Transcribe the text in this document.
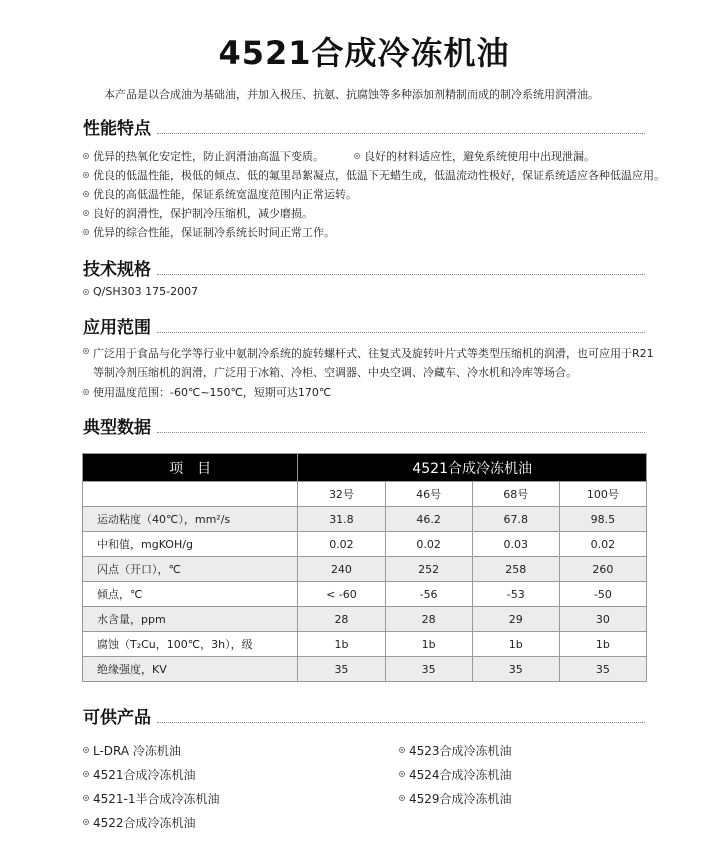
4521合成冷冻机油
本产品是以合成油为基础油，并加入极压、抗氨、抗腐蚀等多种添加剂精制而成的制冷系统用润滑油。
性能特点
优异的热氧化安定性，防止润滑油高温下变质。	良好的材料适应性，避免系统使用中出现泄漏。
优良的低温性能，极低的倾点、低的氟里昂絮凝点，低温下无蜡生成，低温流动性极好，保证系统适应各种低温应用。
优良的高低温性能，保证系统宽温度范围内正常运转。
良好的润滑性，保护制冷压缩机，减少磨损。
优异的综合性能，保证制冷系统长时间正常工作。
技术规格
Q/SH303 175-2007
应用范围
广泛用于食品与化学等行业中氨制冷系统的旋转螺杆式、往复式及旋转叶片式等类型压缩机的润滑，也可应用于R21等制冷剂压缩机的润滑，广泛用于冰箱、冷柜、空调器、中央空调、冷藏车、冷水机和冷库等场合。
使用温度范围：-60℃~150℃，短期可达170℃
典型数据
项　目	4521合成冷冻机油			
	32号	46号	68号	100号
运动粘度（40℃），mm²/s	31.8	46.2	67.8	98.5
中和值，mgKOH/g	0.02	0.02	0.03	0.02
闪点（开口），℃	240	252	258	260
倾点，℃	< -60	-56	-53	-50
水含量，ppm	28	28	29	30
腐蚀（T₂Cu，100℃，3h），级	1b	1b	1b	1b
绝缘强度，KV	35	35	35	35
可供产品
L-DRA 冷冻机油	4523合成冷冻机油
4521合成冷冻机油	4524合成冷冻机油
4521-1半合成冷冻机油	4529合成冷冻机油
4522合成冷冻机油
